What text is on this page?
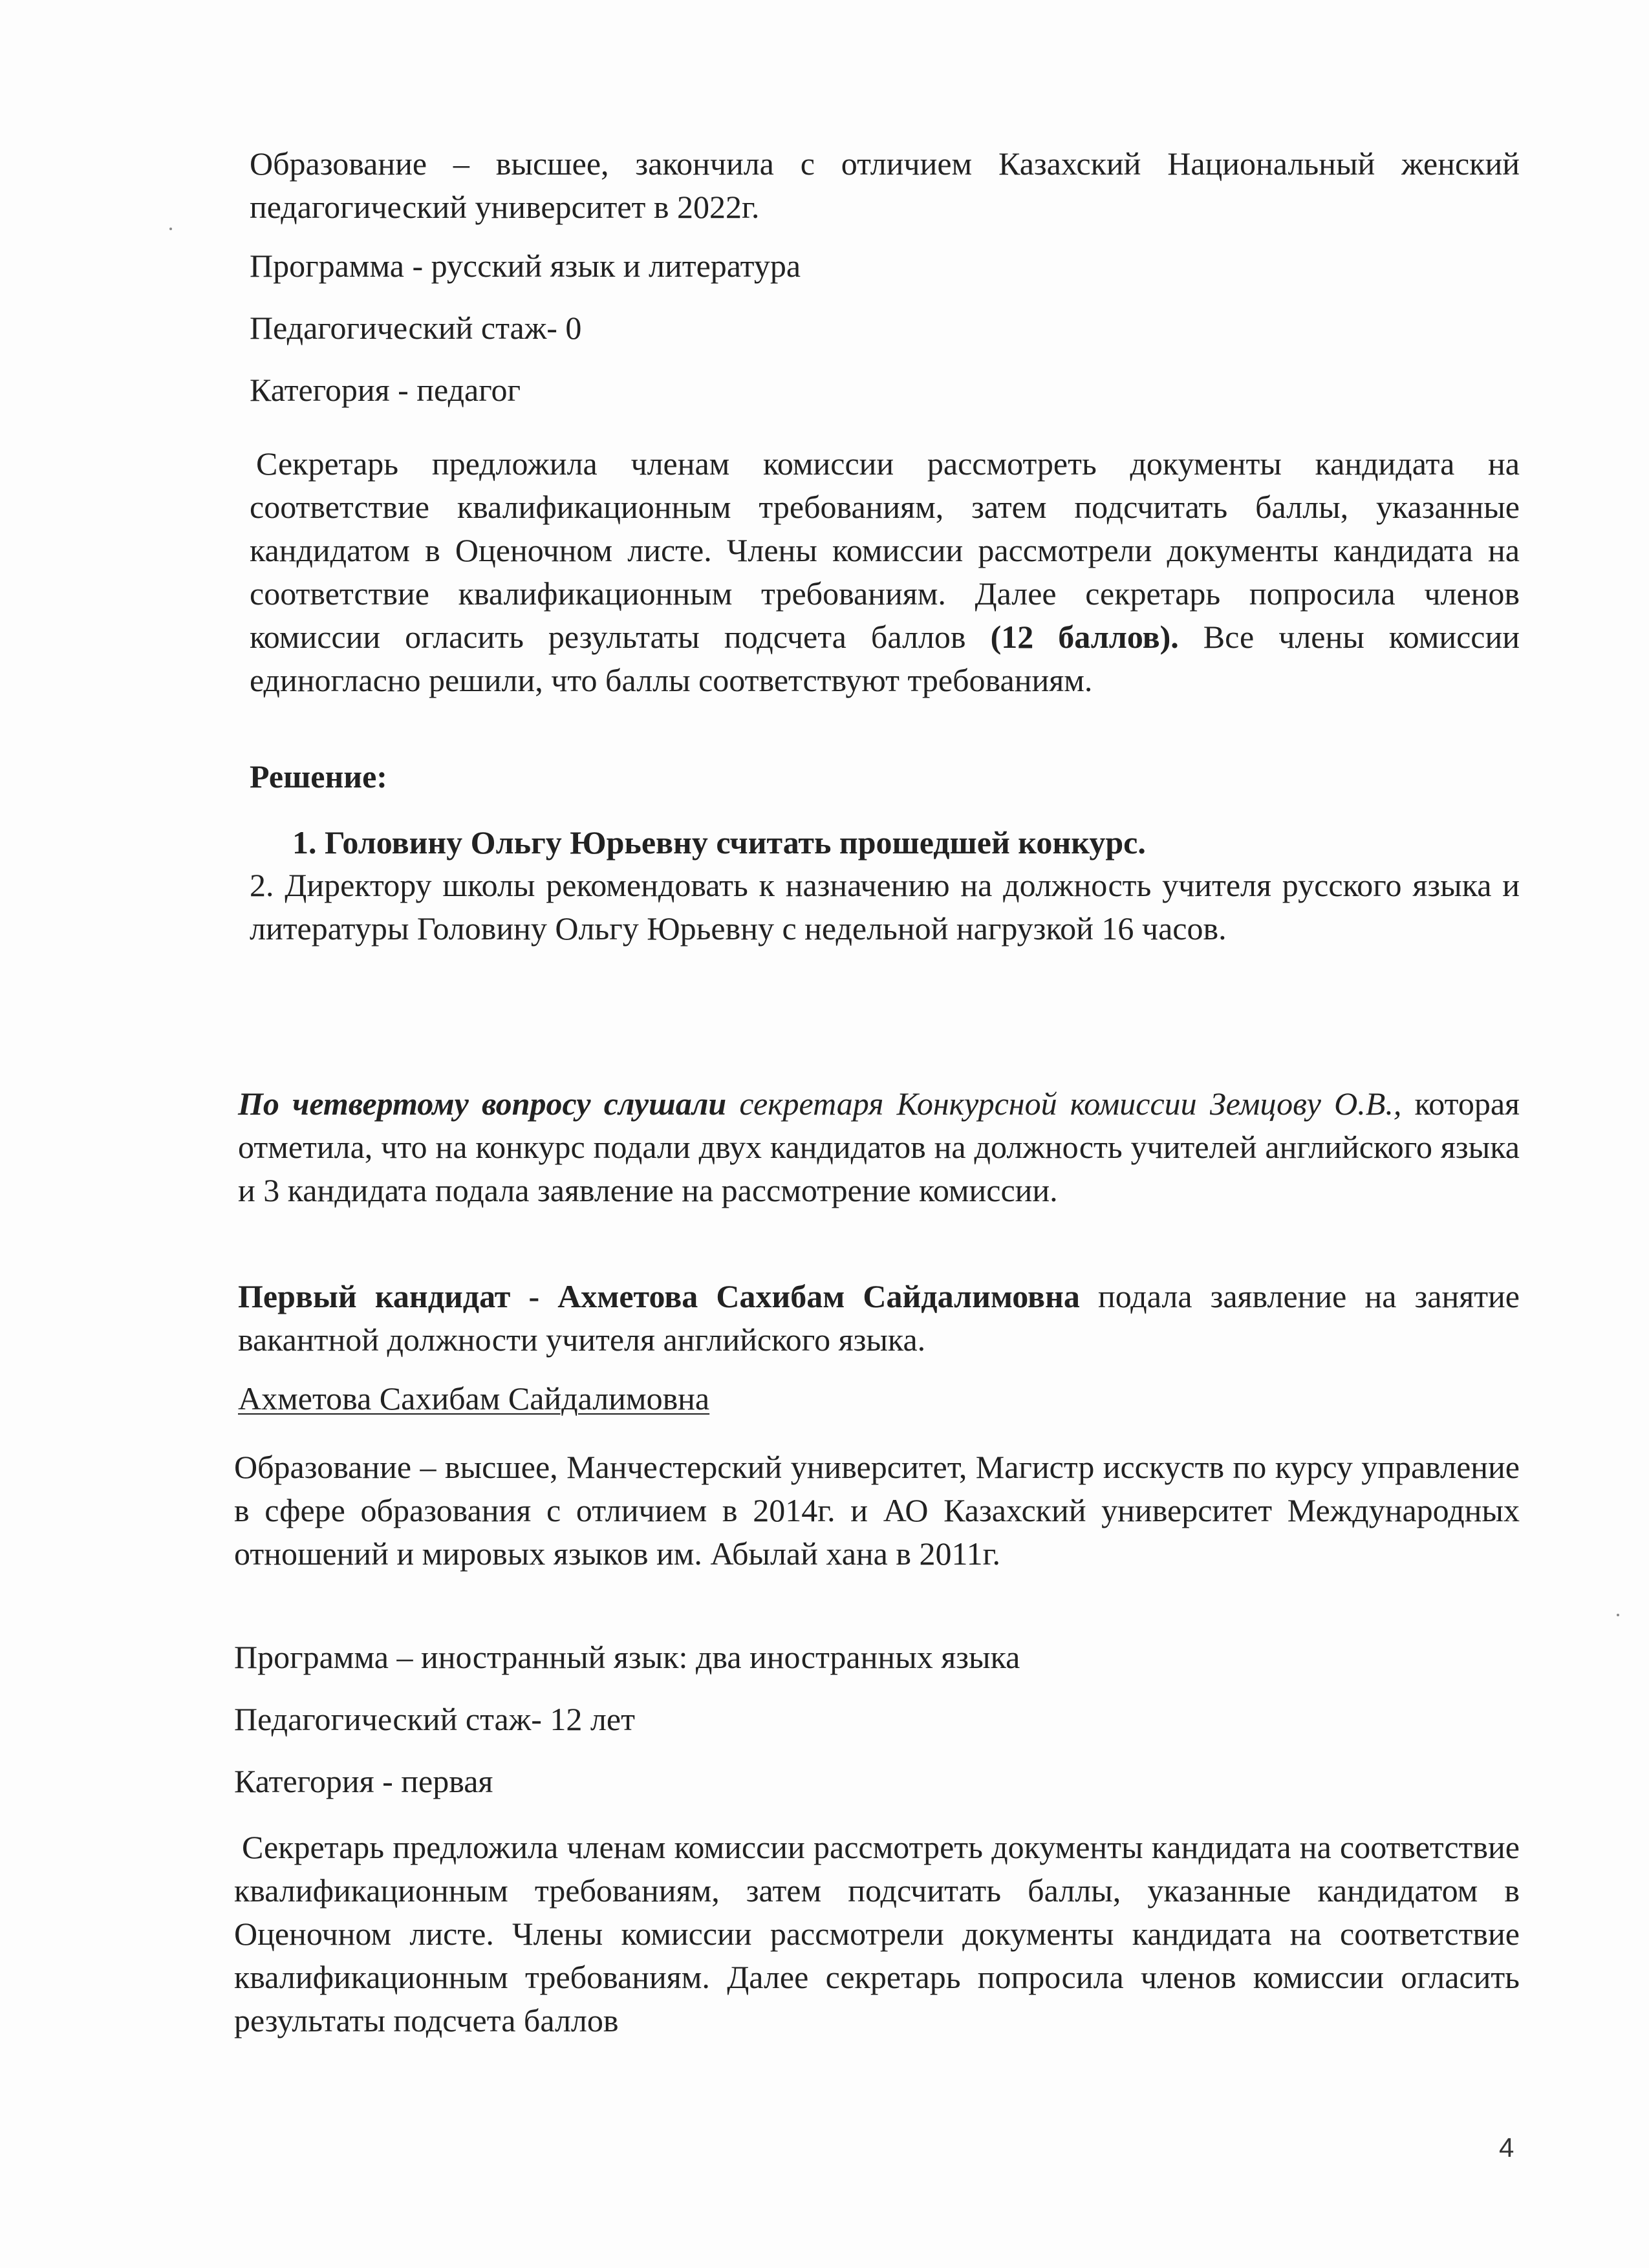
Образование – высшее, закончила с отличием Казахский Национальный женский педагогический университет в 2022г.
Программа - русский язык и литература
Педагогический стаж- 0
Категория - педагог
Секретарь предложила членам комиссии рассмотреть документы кандидата на соответствие квалификационным требованиям, затем подсчитать баллы, указанные кандидатом в Оценочном листе. Члены комиссии рассмотрели документы кандидата на соответствие квалификационным требованиям. Далее секретарь попросила членов комиссии огласить результаты подсчета баллов (12 баллов). Все члены комиссии единогласно решили, что баллы соответствуют требованиям.
Решение:
1. Головину Ольгу Юрьевну считать прошедшей конкурс.
2. Директору школы рекомендовать к назначению на должность учителя русского языка и литературы Головину Ольгу Юрьевну с недельной нагрузкой 16 часов.
По четвертому вопросу слушали секретаря Конкурсной комиссии Земцову О.В., которая отметила, что на конкурс подали двух кандидатов на должность учителей английского языка и 3 кандидата подала заявление на рассмотрение комиссии.
Первый кандидат - Ахметова Сахибам Сайдалимовна подала заявление на занятие вакантной должности учителя английского языка.
Ахметова Сахибам Сайдалимовна
Образование – высшее, Манчестерский университет, Магистр исскуств по курсу управление в сфере образования с отличием в 2014г. и АО Казахский университет Международных отношений и мировых языков им. Абылай хана в 2011г.
Программа – иностранный язык: два иностранных языка
Педагогический стаж- 12 лет
Категория - первая
Секретарь предложила членам комиссии рассмотреть документы кандидата на соответствие квалификационным требованиям, затем подсчитать баллы, указанные кандидатом в Оценочном листе. Члены комиссии рассмотрели документы кандидата на соответствие квалификационным требованиям. Далее секретарь попросила членов комиссии огласить результаты подсчета баллов
4
